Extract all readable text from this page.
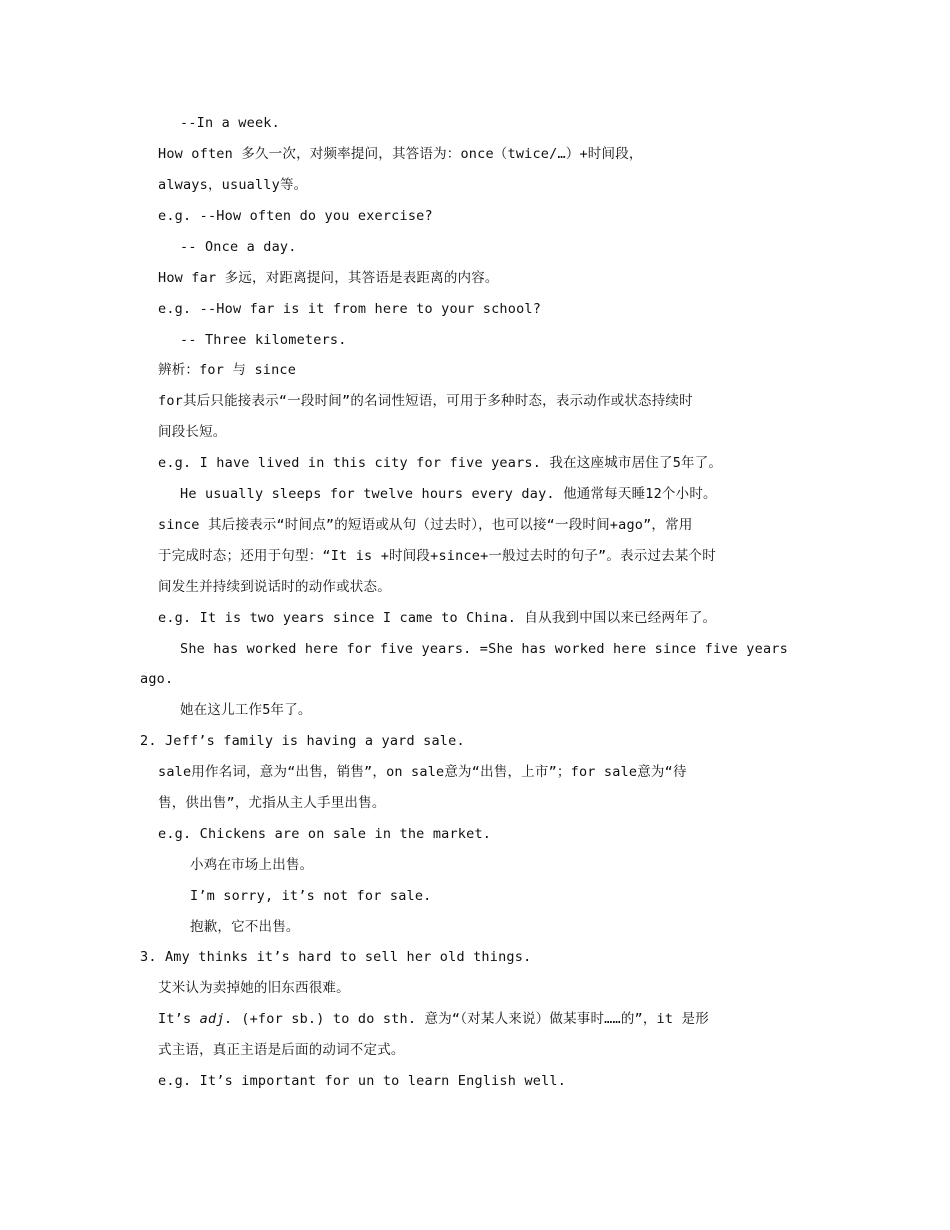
--In a week.
How often 多久一次，对频率提问，其答语为：once（twice/…）+时间段，
always，usually等。
e.g. --How often do you exercise?
-- Once a day.
How far 多远，对距离提问，其答语是表距离的内容。
e.g. --How far is it from here to your school?
-- Three kilometers.
辨析：for 与 since
for其后只能接表示“一段时间”的名词性短语，可用于多种时态，表示动作或状态持续时
间段长短。
e.g. I have lived in this city for five years. 我在这座城市居住了5年了。
He usually sleeps for twelve hours every day. 他通常每天睡12个小时。
since 其后接表示“时间点”的短语或从句（过去时），也可以接“一段时间+ago”，常用
于完成时态；还用于句型：“It is +时间段+since+一般过去时的句子”。表示过去某个时
间发生并持续到说话时的动作或状态。
e.g. It is two years since I came to China. 自从我到中国以来已经两年了。
She has worked here for five years. =She has worked here since five years
ago.
她在这儿工作5年了。
2. Jeff’s family is having a yard sale.
sale用作名词，意为“出售，销售”，on sale意为“出售，上市”；for sale意为“待
售，供出售”，尤指从主人手里出售。
e.g. Chickens are on sale in the market.
小鸡在市场上出售。
I’m sorry, it’s not for sale.
抱歉，它不出售。
3. Amy thinks it’s hard to sell her old things.
艾米认为卖掉她的旧东西很难。
It’s adj. (+for sb.) to do sth. 意为“（对某人来说）做某事时……的”，it 是形
式主语，真正主语是后面的动词不定式。
e.g. It’s important for un to learn English well.
